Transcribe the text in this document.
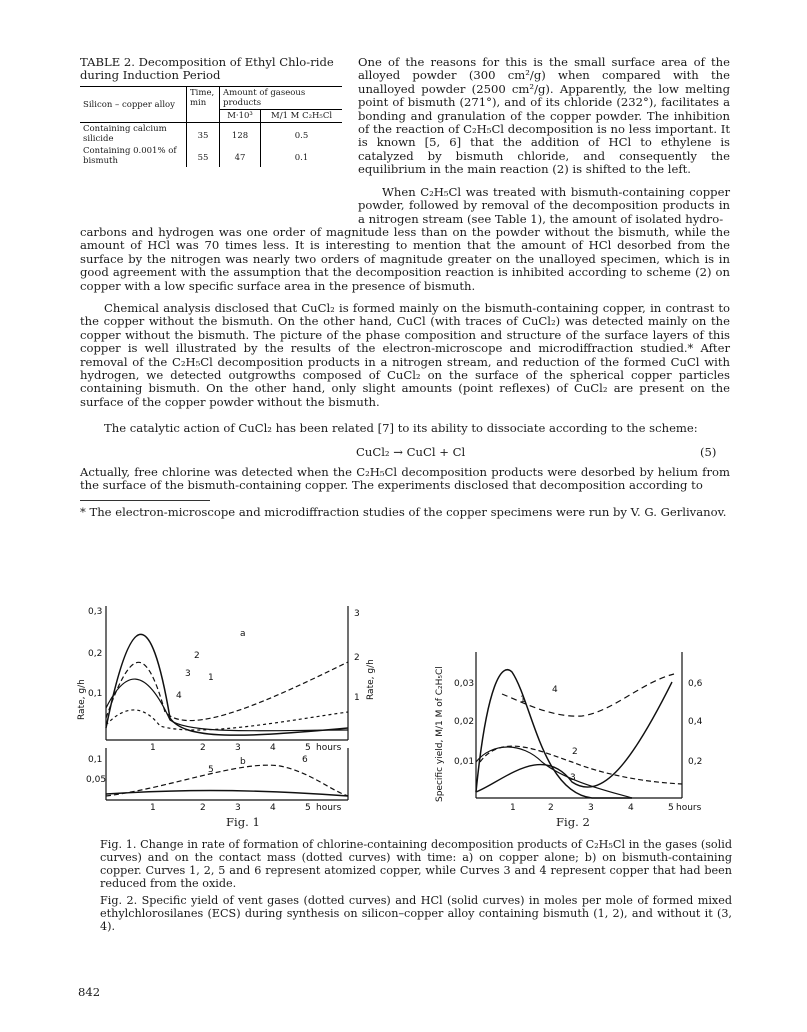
TABLE 2. Decomposition of Ethyl Chlo-ride during Induction Period
Silicon – copper alloy	Time, min	Amount of gaseous products	
		M·10³	M/1 M C₂H₅Cl
Containing calcium silicide	35	128	0.5
Containing 0.001% of bismuth	55	47	0.1
One of the reasons for this is the small surface area of the alloyed powder (300 cm²/g) when compared with the unalloyed powder (2500 cm²/g). Apparently, the low melting point of bismuth (271°), and of its chloride (232°), facilitates a bonding and granulation of the copper powder. The inhibition of the reaction of C₂H₅Cl decomposition is no less important. It is known [5, 6] that the addition of HCl to ethylene is catalyzed by bismuth chloride, and consequently the equilibrium in the main reaction (2) is shifted to the left.
When C₂H₅Cl was treated with bismuth-containing copper powder, followed by removal of the decomposition products in a nitrogen stream (see Table 1), the amount of isolated hydro-
carbons and hydrogen was one order of magnitude less than on the powder without the bismuth, while the amount of HCl was 70 times less. It is interesting to mention that the amount of HCl desorbed from the surface by the nitrogen was nearly two orders of magnitude greater on the unalloyed specimen, which is in good agreement with the assumption that the decomposition reaction is inhibited according to scheme (2) on copper with a low specific surface area in the presence of bismuth.
Chemical analysis disclosed that CuCl₂ is formed mainly on the bismuth-containing copper, in contrast to the copper without the bismuth. On the other hand, CuCl (with traces of CuCl₂) was detected mainly on the copper without the bismuth. The picture of the phase composition and structure of the surface layers of this copper is well illustrated by the results of the electron-microscope and microdiffraction studied.* After removal of the C₂H₅Cl decomposition products in a nitrogen stream, and reduction of the formed CuCl with hydrogen, we detected outgrowths composed of CuCl₂ on the surface of the spherical copper particles containing bismuth. On the other hand, only slight amounts (point reflexes) of CuCl₂ are present on the surface of the copper powder without the bismuth.
The catalytic action of CuCl₂ has been related [7] to its ability to dissociate according to the scheme:
CuCl₂ → CuCl + Cl	(5)
Actually, free chlorine was detected when the C₂H₅Cl decomposition products were desorbed by helium from the surface of the bismuth-containing copper. The experiments disclosed that decomposition according to
* The electron-microscope and microdiffraction studies of the copper specimens were run by V. G. Gerlivanov.
0,3
0,2
0,1
0,1
0,05
1	2	3	4	5 hours
1	2	3	4	5 hours
a
b
2
3 1
4
5
6
3
2
1
Rate, g/h	Rate, g/h
Fig. 1
0,03
0,02
0,01
0,6
0,4
0,2
1	2	3	4	5 hours
1
2
3
4
Specific yield, M/1 M of C₂H₅Cl
Fig. 2
Fig. 1. Change in rate of formation of chlorine-containing decomposition products of C₂H₅Cl in the gases (solid curves) and on the contact mass (dotted curves) with time: a) on copper alone; b) on bismuth-containing copper. Curves 1, 2, 5 and 6 represent atomized copper, while Curves 3 and 4 represent copper that had been reduced from the oxide.
Fig. 2. Specific yield of vent gases (dotted curves) and HCl (solid curves) in moles per mole of formed mixed ethylchlorosilanes (ECS) during synthesis on silicon–copper alloy containing bismuth (1, 2), and without it (3, 4).
842
